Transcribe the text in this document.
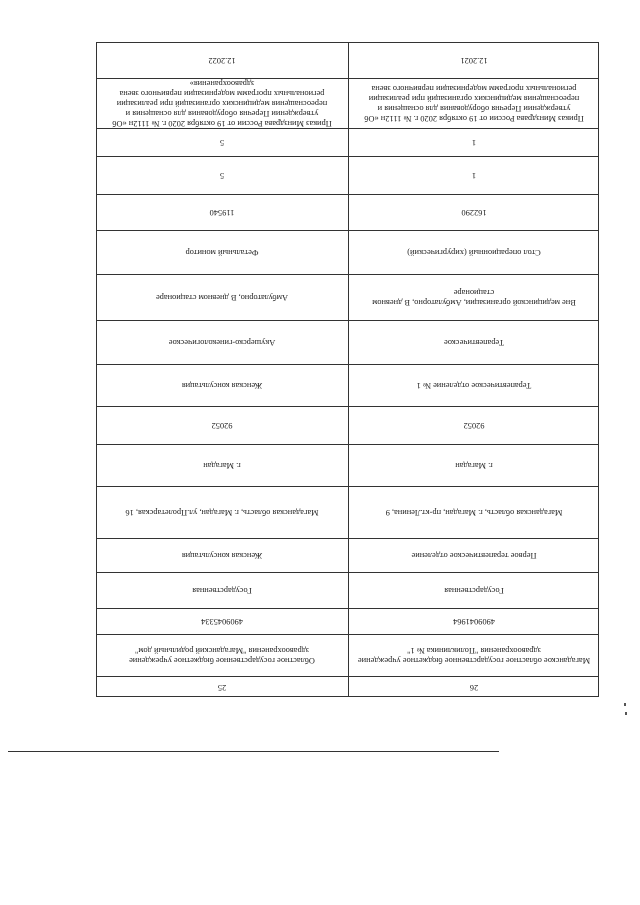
26
25
Магаданское областное государственное бюджетное учреждение здравоохранения "Поликлиника № 1"
Областное государственное бюджетное учреждение здравоохранения "Магаданский родильный дом"
4909041964
4909045334
Государственная
Государственная
Первое терапевтическое отделение
Женская консультация
Магаданская область, г. Магадан, пр-кт.Ленина, 9
Магаданская область, г. Магадан, ул.Пролетарская, 16
г. Магадан
г. Магадан
92052
92052
Терапевтическое отделение № 1
Женская консультация
Терапевтическое
Акушерско-гинекологическое
Вне медицинской организации, Амбулаторно, В дневном стационаре
Амбулаторно, В дневном стационаре
Стол операционный (хирургический)
Фетальный монитор
162290
119540
1
5
1
5
Приказ Минздрава России от 19 октября 2020 г. № 1112н «Об утверждении Перечня оборудования для оснащения и переоснащения медицинских организаций при реализации региональных программ модернизации первичного звена
Приказ Минздрава России от 19 октября 2020 г. № 1112н «Об утверждении Перечня оборудования для оснащения и переоснащения медицинских организаций при реализации региональных программ модернизации первичного звена здравоохранения»
12.2021
12.2022
